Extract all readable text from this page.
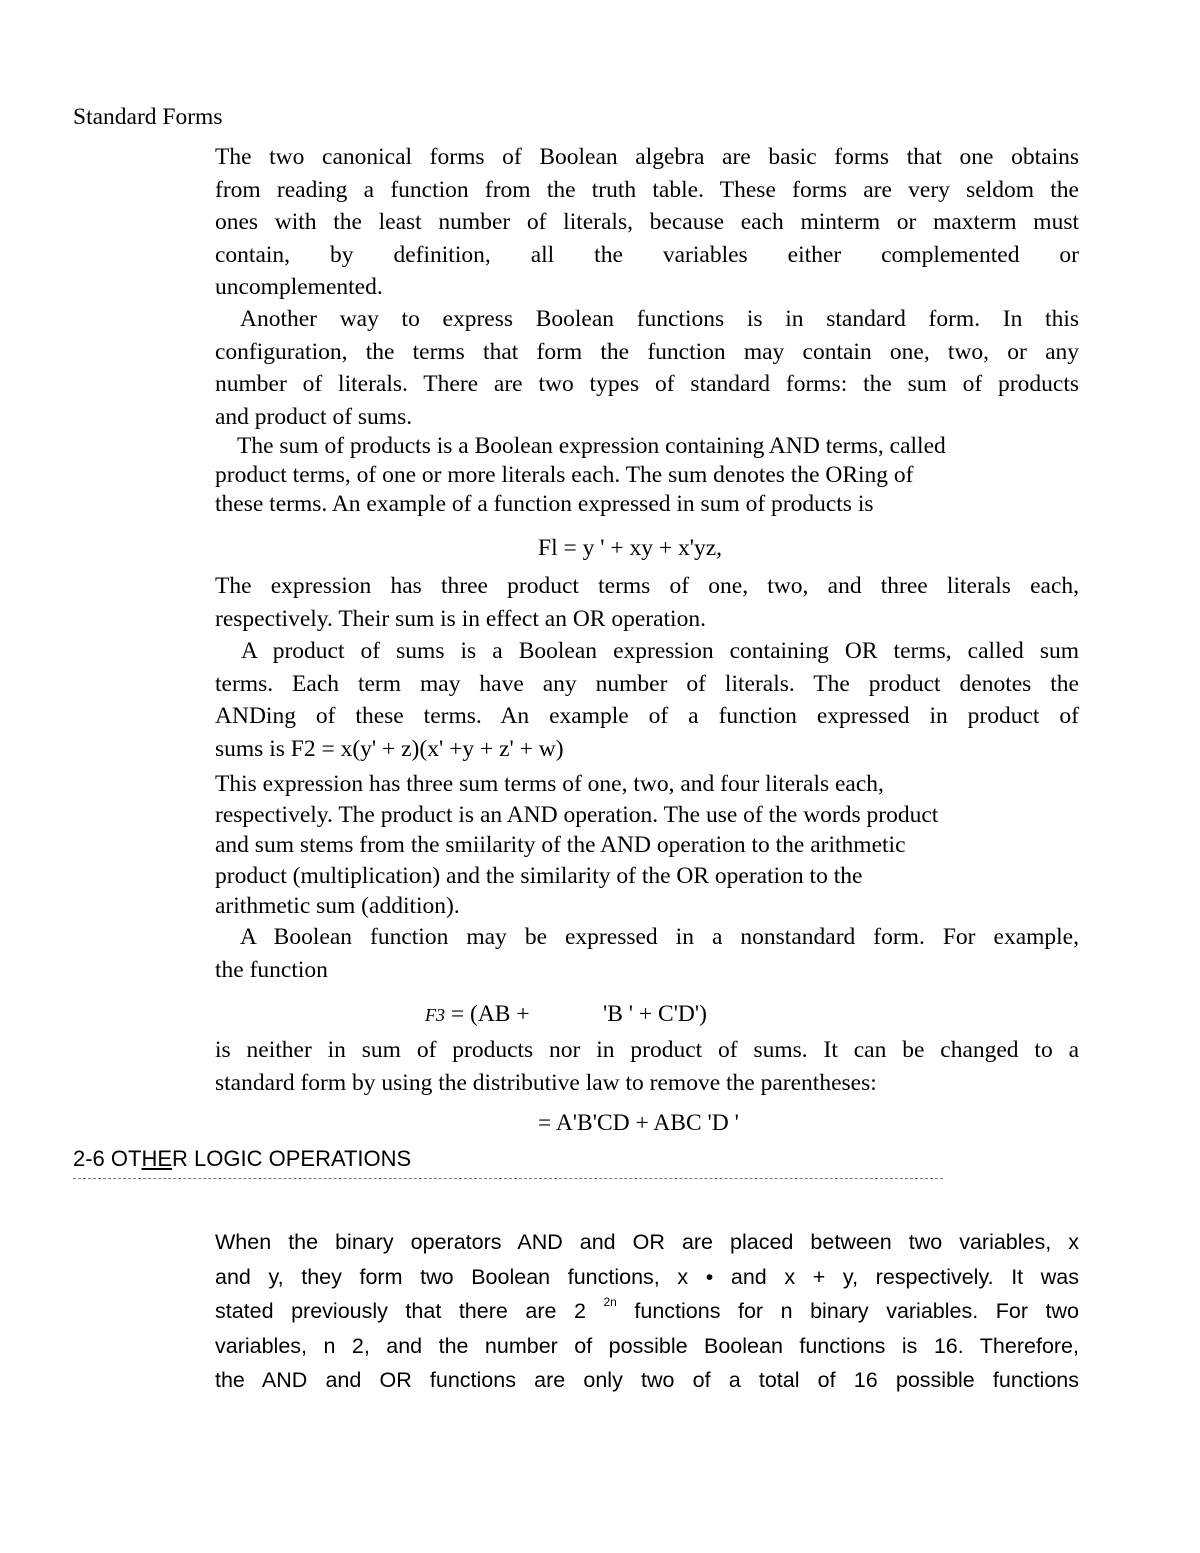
Standard Forms
The two canonical forms of Boolean algebra are basic forms that one obtains
from reading a function from the truth table. These forms are very seldom the
ones with the least number of literals, because each minterm or maxterm must
contain, by definition, all the variables either complemented or
uncomplemented.
Another way to express Boolean functions is in standard form. In this
configuration, the terms that form the function may contain one, two, or any
number of literals. There are two types of standard forms: the sum of products
and product of sums.
The sum of products is a Boolean expression containing AND terms, called
product terms, of one or more literals each. The sum denotes the ORing of
these terms. An example of a function expressed in sum of products is
Fl = y ' + xy + x'yz,
The expression has three product terms of one, two, and three literals each,
respectively. Their sum is in effect an OR operation.
A product of sums is a Boolean expression containing OR terms, called sum
terms. Each term may have any number of literals. The product denotes the
ANDing of these terms. An example of a function expressed in product of
sums is F2 = x(y' + z)(x' +y + z' + w)
This expression has three sum terms of one, two, and four literals each,
respectively. The product is an AND operation. The use of the words product
and sum stems from the smiilarity of the AND operation to the arithmetic
product (multiplication) and the similarity of the OR operation to the
arithmetic sum (addition).
A Boolean function may be expressed in a nonstandard form. For example,
the function
F3 = (AB +	'B ' + C'D')
is neither in sum of products nor in product of sums. It can be changed to a
standard form by using the distributive law to remove the parentheses:
= A'B'CD + ABC 'D '
2-6 OTHER LOGIC OPERATIONS
When the binary operators AND and OR are placed between two variables, x
and y, they form two Boolean functions, x • and x + y, respectively. It was
stated previously that there are 2 $^{2n}$ functions for n binary variables. For two
variables, n 2, and the number of possible Boolean functions is 16. Therefore,
the AND and OR functions are only two of a total of 16 possible functions
